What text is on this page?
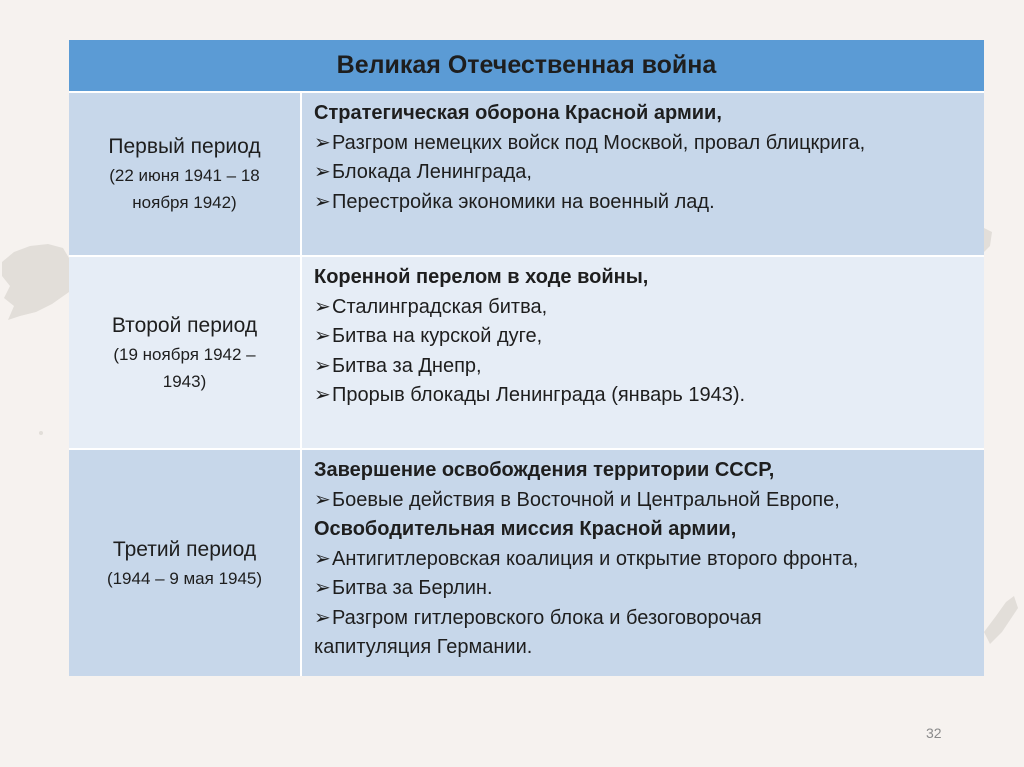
Великая Отечественная война
Первый период
(22 июня 1941 – 18 ноября 1942)
Стратегическая оборона Красной армии,
➢Разгром немецких войск под Москвой, провал блицкрига,
➢Блокада Ленинграда,
➢Перестройка экономики на военный лад.
Второй период
(19 ноября 1942 – 1943)
Коренной перелом в ходе войны,
➢Сталинградская битва,
➢Битва на курской дуге,
➢Битва за Днепр,
➢Прорыв блокады Ленинграда (январь 1943).
Третий период
(1944 – 9 мая 1945)
Завершение освобождения территории СССР,
➢Боевые действия в Восточной и Центральной Европе,
Освободительная миссия Красной армии,
➢Антигитлеровская коалиция и открытие второго фронта,
➢Битва за Берлин.
➢Разгром гитлеровского блока и безоговорочая
капитуляция Германии.
32
